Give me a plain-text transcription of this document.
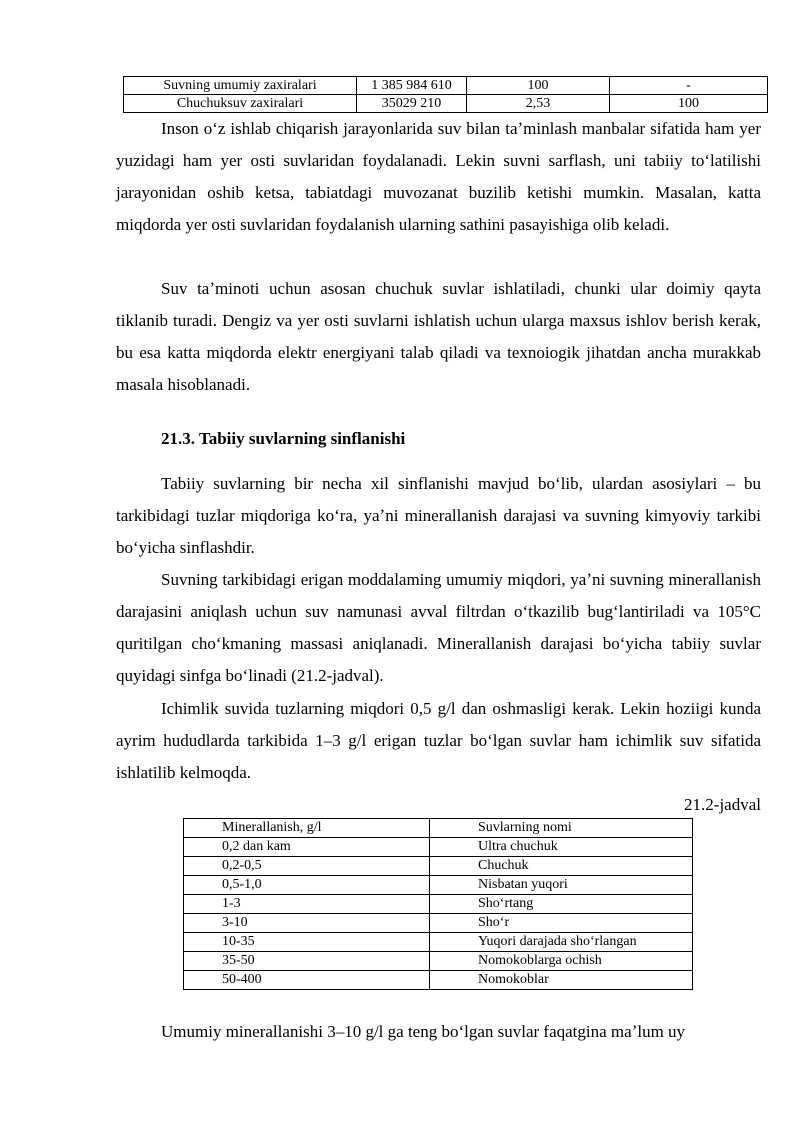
Suvning umumiy zaxiralari	1 385 984 610	100	-
Chuchuksuv zaxiralari	35029 210	2,53	100

Inson oʻz ishlab chiqarish jarayonlarida suv bilan taʼminlash manbalar sifatida ham yer yuzidagi ham yer osti suvlaridan foydalanadi. Lekin suvni sarflash, uni tabiiy toʻlatilishi jarayonidan oshib ketsa, tabiatdagi muvozanat buzilib ketishi mumkin. Masalan, katta miqdorda yer osti suvlaridan foydalanish ularning sathini pasayishiga olib keladi.

Suv taʼminoti uchun asosan chuchuk suvlar ishlatiladi, chunki ular doimiy qayta tiklanib turadi. Dengiz va yer osti suvlarni ishlatish uchun ularga maxsus ishlov berish kerak, bu esa katta miqdorda elektr energiyani talab qiladi va texnoiogik jihatdan ancha murakkab masala hisoblanadi.

21.3. Tabiiy suvlarning sinflanishi

Tabiiy suvlarning bir necha xil sinflanishi mavjud boʻlib, ulardan asosiylari – bu tarkibidagi tuzlar miqdoriga koʻra, yaʼni minerallanish darajasi va suvning kimyoviy tarkibi boʻyicha sinflashdir.

Suvning tarkibidagi erigan moddalaming umumiy miqdori, yaʼni suvning minerallanish darajasini aniqlash uchun suv namunasi avval filtrdan oʻtkazilib bugʻlantiriladi va 105°C quritilgan choʻkmaning massasi aniqlanadi. Minerallanish darajasi boʻyicha tabiiy suvlar quyidagi sinfga boʻlinadi (21.2-jadval).

Ichimlik suvida tuzlarning miqdori 0,5 g/l dan oshmasligi kerak. Lekin hoziigi kunda ayrim hududlarda tarkibida 1–3 g/l erigan tuzlar boʻlgan suvlar ham ichimlik suv sifatida ishlatilib kelmoqda.

21.2-jadval
Minerallanish, g/l	Suvlarning nomi
0,2 dan kam	Ultra chuchuk
0,2-0,5	Chuchuk
0,5-1,0	Nisbatan yuqori
1-3	Shoʻrtang
3-10	Shoʻr
10-35	Yuqori darajada shoʻrlangan
35-50	Nomokoblarga ochish
50-400	Nomokoblar

Umumiy minerallanishi 3–10 g/l ga teng boʻlgan suvlar faqatgina maʼlum uy
